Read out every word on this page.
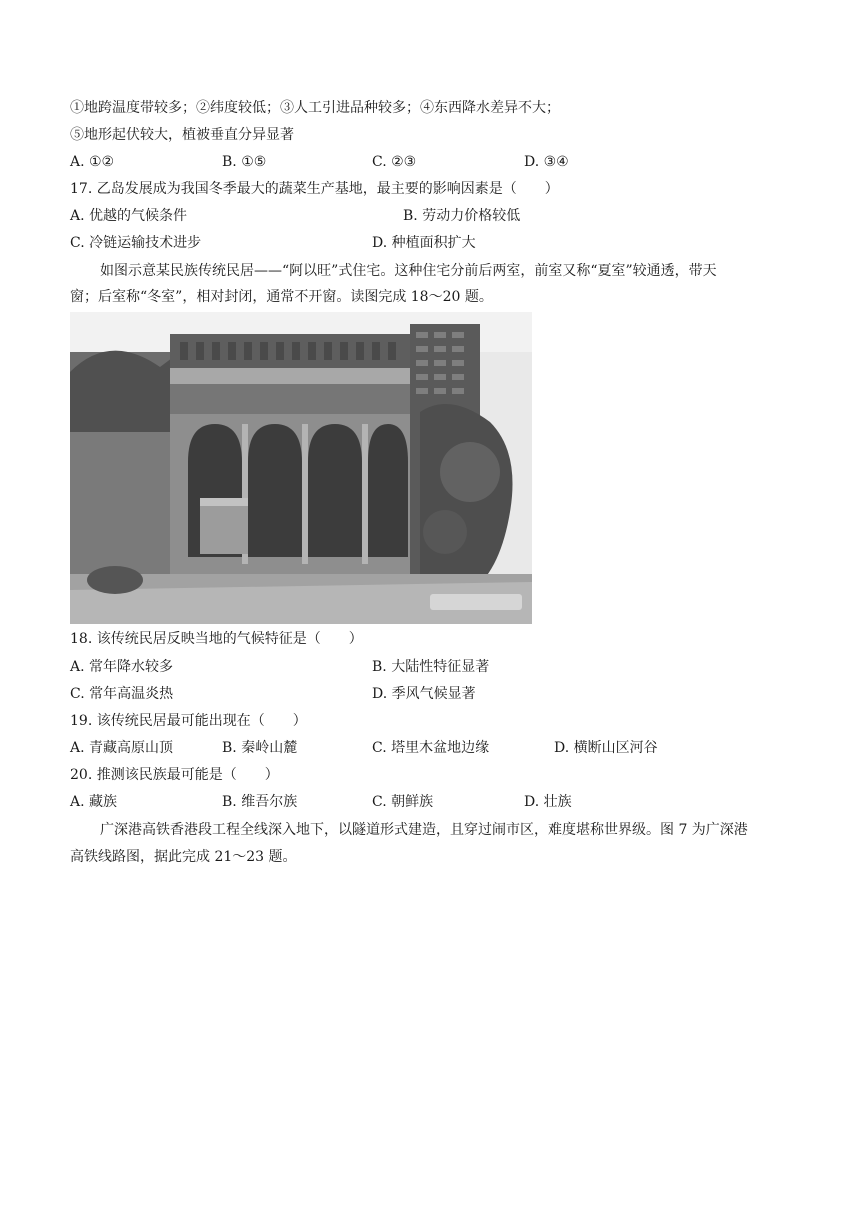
①地跨温度带较多；②纬度较低；③人工引进品种较多；④东西降水差异不大；
⑤地形起伏较大，植被垂直分异显著
A. ①②	B. ①⑤	C. ②③	D. ③④
17. 乙岛发展成为我国冬季最大的蔬菜生产基地，最主要的影响因素是（　　）
A. 优越的气候条件	B. 劳动力价格较低
C. 冷链运输技术进步	D. 种植面积扩大
如图示意某民族传统民居——“阿以旺”式住宅。这种住宅分前后两室，前室又称“夏室”较通透，带天
窗；后室称“冬室”，相对封闭，通常不开窗。读图完成 18～20 题。
18. 该传统民居反映当地的气候特征是（　　）
A. 常年降水较多	B. 大陆性特征显著
C. 常年高温炎热	D. 季风气候显著
19. 该传统民居最可能出现在（　　）
A. 青藏高原山顶	B. 秦岭山麓	C. 塔里木盆地边缘	D. 横断山区河谷
20. 推测该民族最可能是（　　）
A. 藏族	B. 维吾尔族	C. 朝鲜族	D. 壮族
广深港高铁香港段工程全线深入地下，以隧道形式建造，且穿过闹市区，难度堪称世界级。图 7 为广深港
高铁线路图，据此完成 21～23 题。
